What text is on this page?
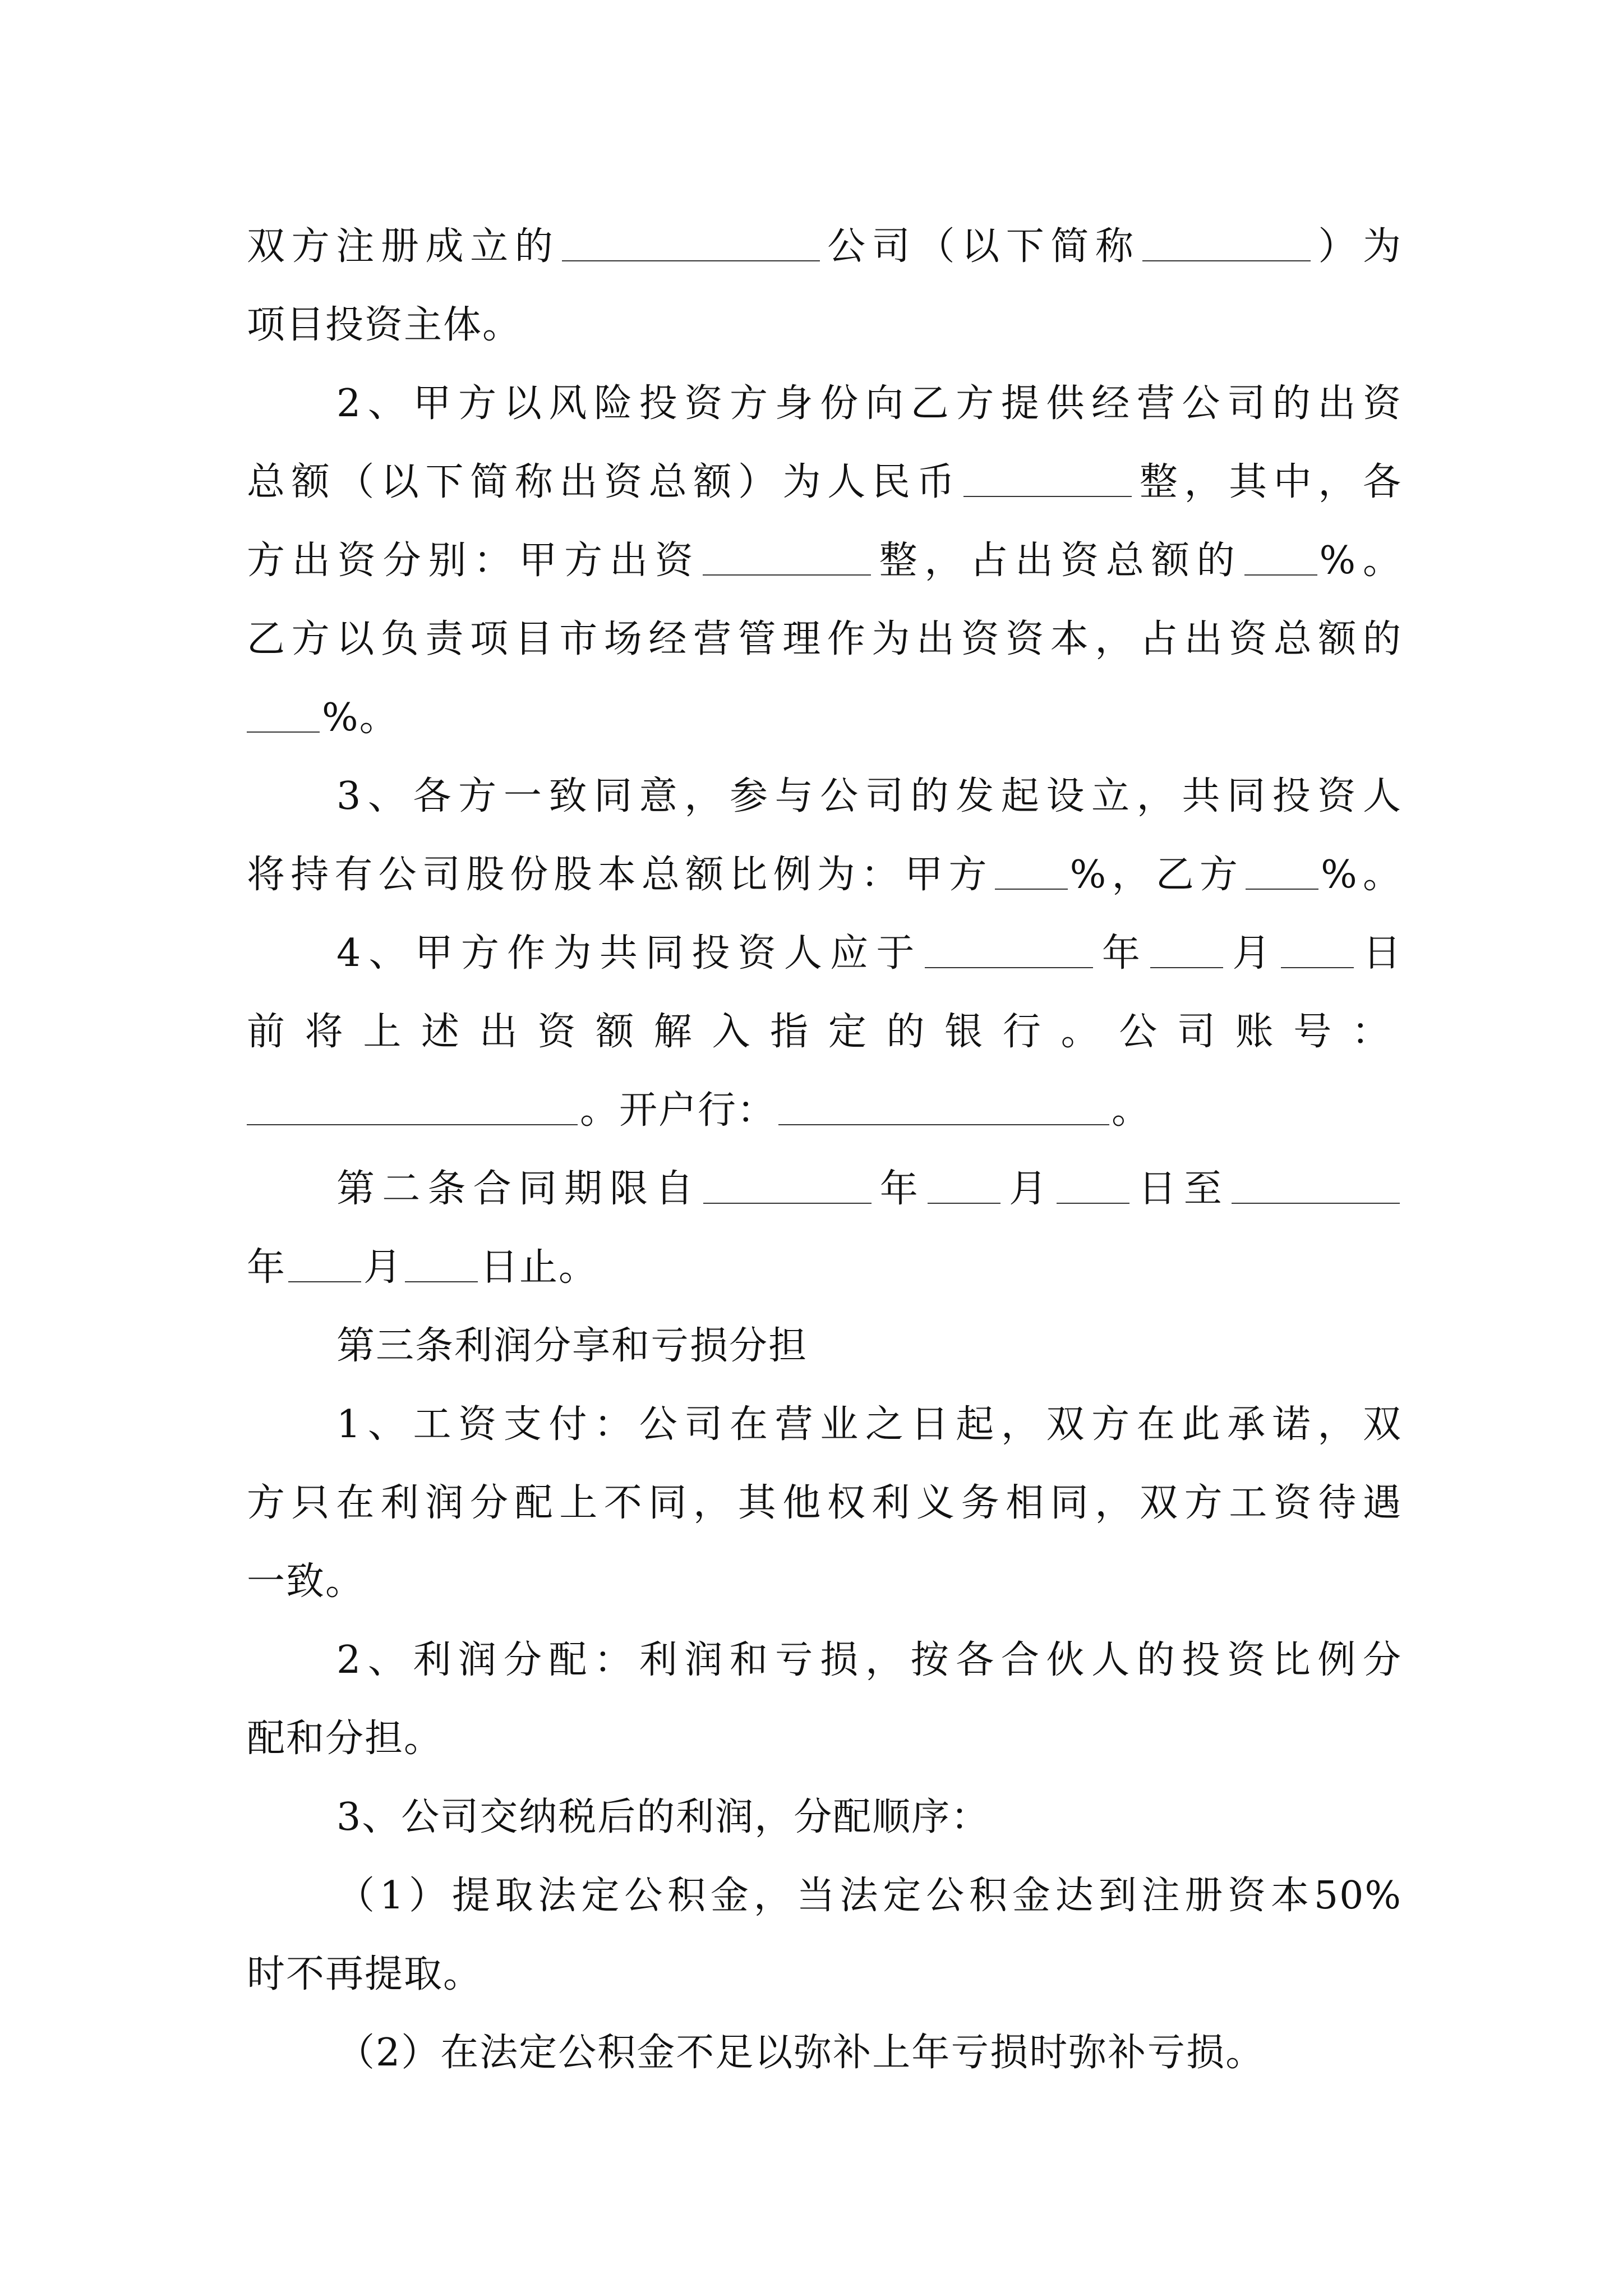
双方注册成立的	公司（以下简称	）为
项目投资主体。
2、甲方以风险投资方身份向乙方提供经营公司的出资
总额（以下简称出资总额）为人民币	整，其中，各
方出资分别：甲方出资	整，占出资总额的 %。
乙方以负责项目市场经营管理作为出资资本，占出资总额的
%。
3、各方一致同意，参与公司的发起设立，共同投资人
将持有公司股份股本总额比例为：甲方 %，乙方 %。
4、甲方作为共同投资人应于	年 月 日
前将上述出资额解入指定的银行。公司账号：
。开户行：	。
第二条合同期限自	年 月 日至
年 月 日止。
第三条利润分享和亏损分担
1、工资支付：公司在营业之日起，双方在此承诺，双
方只在利润分配上不同，其他权利义务相同，双方工资待遇
一致。
2、利润分配：利润和亏损，按各合伙人的投资比例分
配和分担。
3、公司交纳税后的利润，分配顺序：
（1）提取法定公积金，当法定公积金达到注册资本50%
时不再提取。
（2）在法定公积金不足以弥补上年亏损时弥补亏损。
